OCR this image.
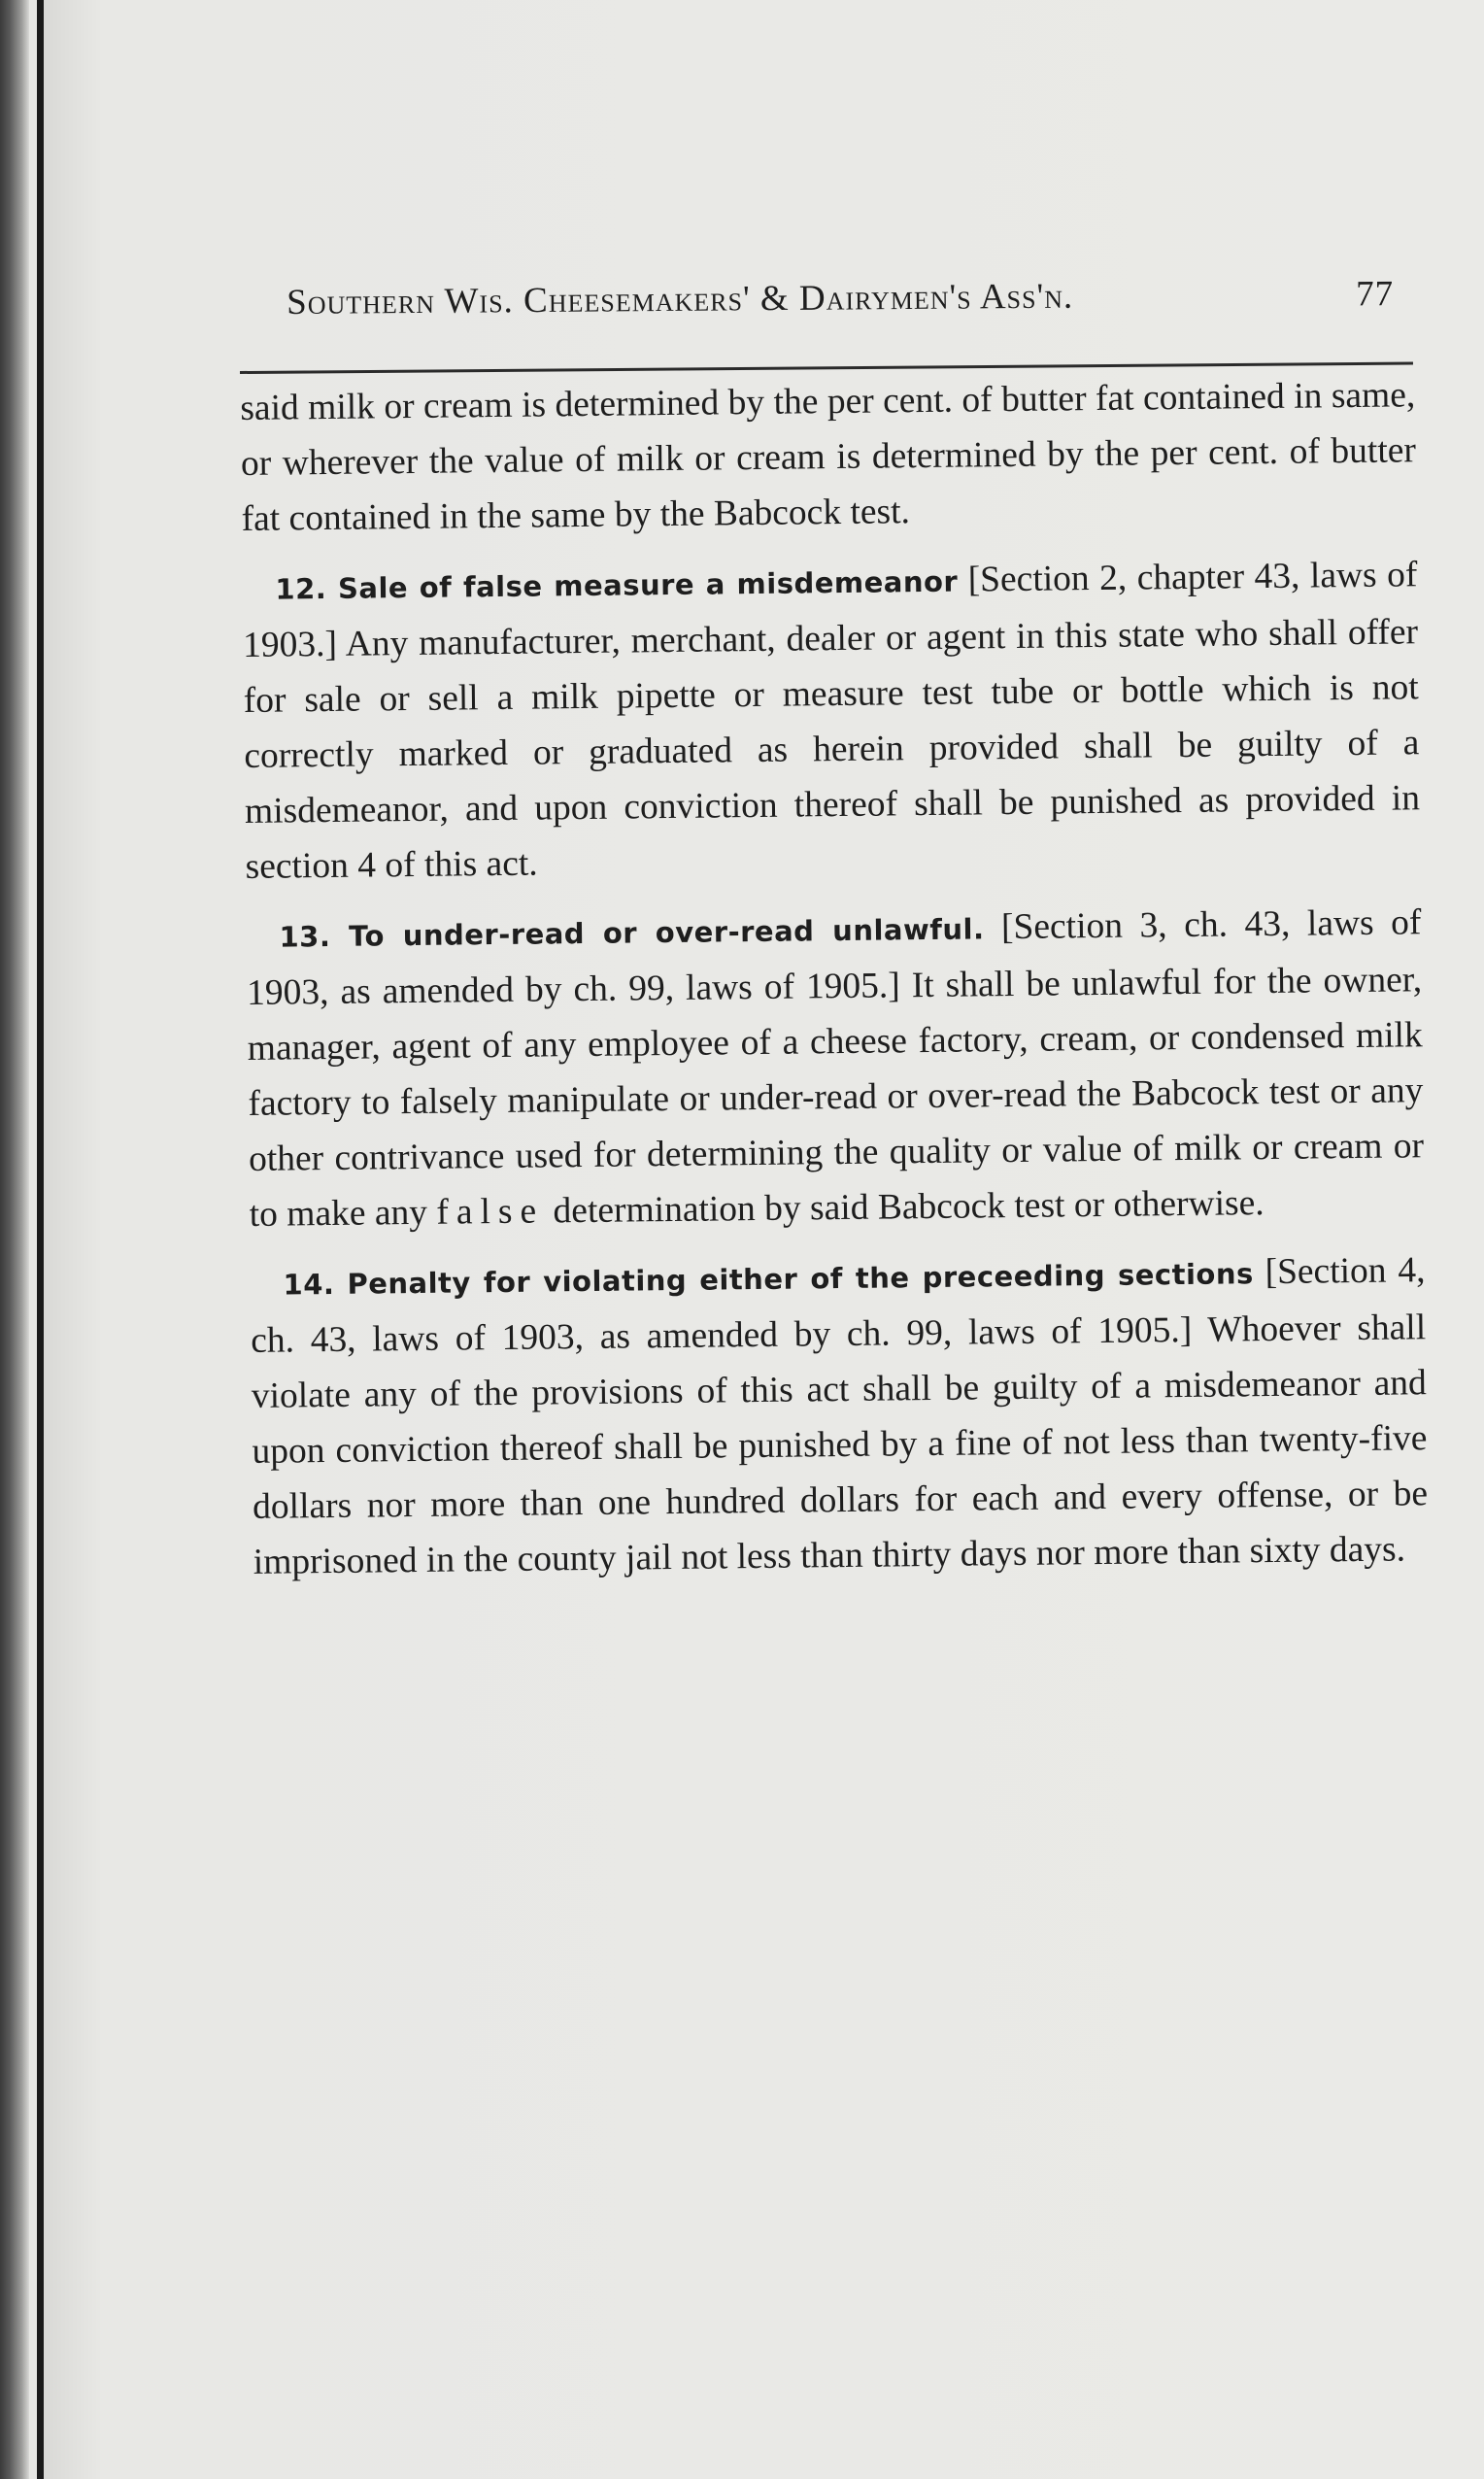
Southern Wis. Cheesemakers' & Dairymen's Ass'n.	77

said milk or cream is determined by the per cent. of butter fat contained in same, or wherever the value of milk or cream is determined by the per cent. of butter fat contained in the same by the Babcock test.

12. Sale of false measure a misdemeanor [Section 2, chapter 43, laws of 1903.] Any manufacturer, merchant, dealer or agent in this state who shall offer for sale or sell a milk pipette or measure test tube or bottle which is not correctly marked or graduated as herein provided shall be guilty of a misdemeanor, and upon conviction thereof shall be punished as provided in section 4 of this act.

13. To under-read or over-read unlawful. [Section 3, ch. 43, laws of 1903, as amended by ch. 99, laws of 1905.] It shall be unlawful for the owner, manager, agent of any employee of a cheese factory, cream, or condensed milk factory to falsely manipulate or under-read or over-read the Babcock test or any other contrivance used for determining the quality or value of milk or cream or to make any false determination by said Babcock test or otherwise.

14. Penalty for violating either of the preceeding sections [Section 4, ch. 43, laws of 1903, as amended by ch. 99, laws of 1905.] Whoever shall violate any of the provisions of this act shall be guilty of a misdemeanor and upon conviction thereof shall be punished by a fine of not less than twenty-five dollars nor more than one hundred dollars for each and every offense, or be imprisoned in the county jail not less than thirty days nor more than sixty days.
